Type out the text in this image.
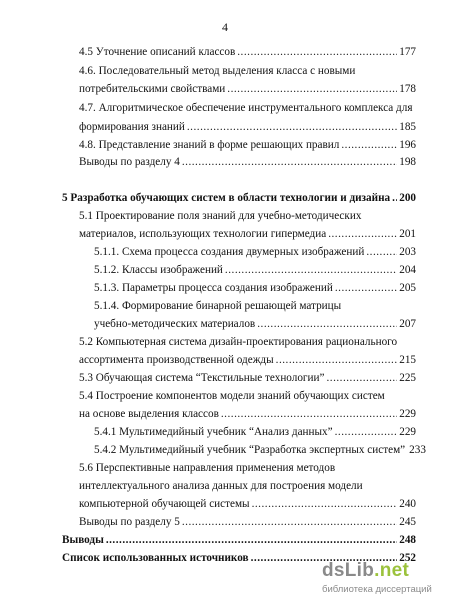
4
4.5 Уточнение описаний классов .....	177
4.6. Последовательный метод выделения класса с новыми
потребительскими свойствами .....	178
4.7. Алгоритмическое обеспечение инструментального комплекса для
формирования знаний .....	185
4.8. Представление знаний в форме решающих правил .....	196
Выводы по разделу 4 .....	198
5 Разработка обучающих систем в области технологии и дизайна ..... 200
5.1 Проектирование поля знаний для учебно-методических
материалов, использующих технологии гипермедиа .....	201
5.1.1. Схема процесса создания двумерных изображений .....	203
5.1.2. Классы изображений .....	204
5.1.3. Параметры процесса создания изображений .....	205
5.1.4. Формирование бинарной решающей матрицы
учебно-методических материалов .....	207
5.2 Компьютерная система дизайн-проектирования рационального
ассортимента производственной одежды .....	215
5.3 Обучающая система “Текстильные технологии” .....	225
5.4 Построение компонентов модели знаний обучающих систем
на основе выделения классов .....	229
5.4.1 Мультимедийный учебник “Анализ данных” .....	229
5.4.2 Мультимедийный учебник “Разработка экспертных систем” 233
5.6 Перспективные направления применения методов
интеллектуального анализа данных для построения модели
компьютерной обучающей системы .....	240
Выводы по разделу 5 .....	245
Выводы .....	248
Список использованных источников .....	252
dsLib.net
библиотека диссертаций
